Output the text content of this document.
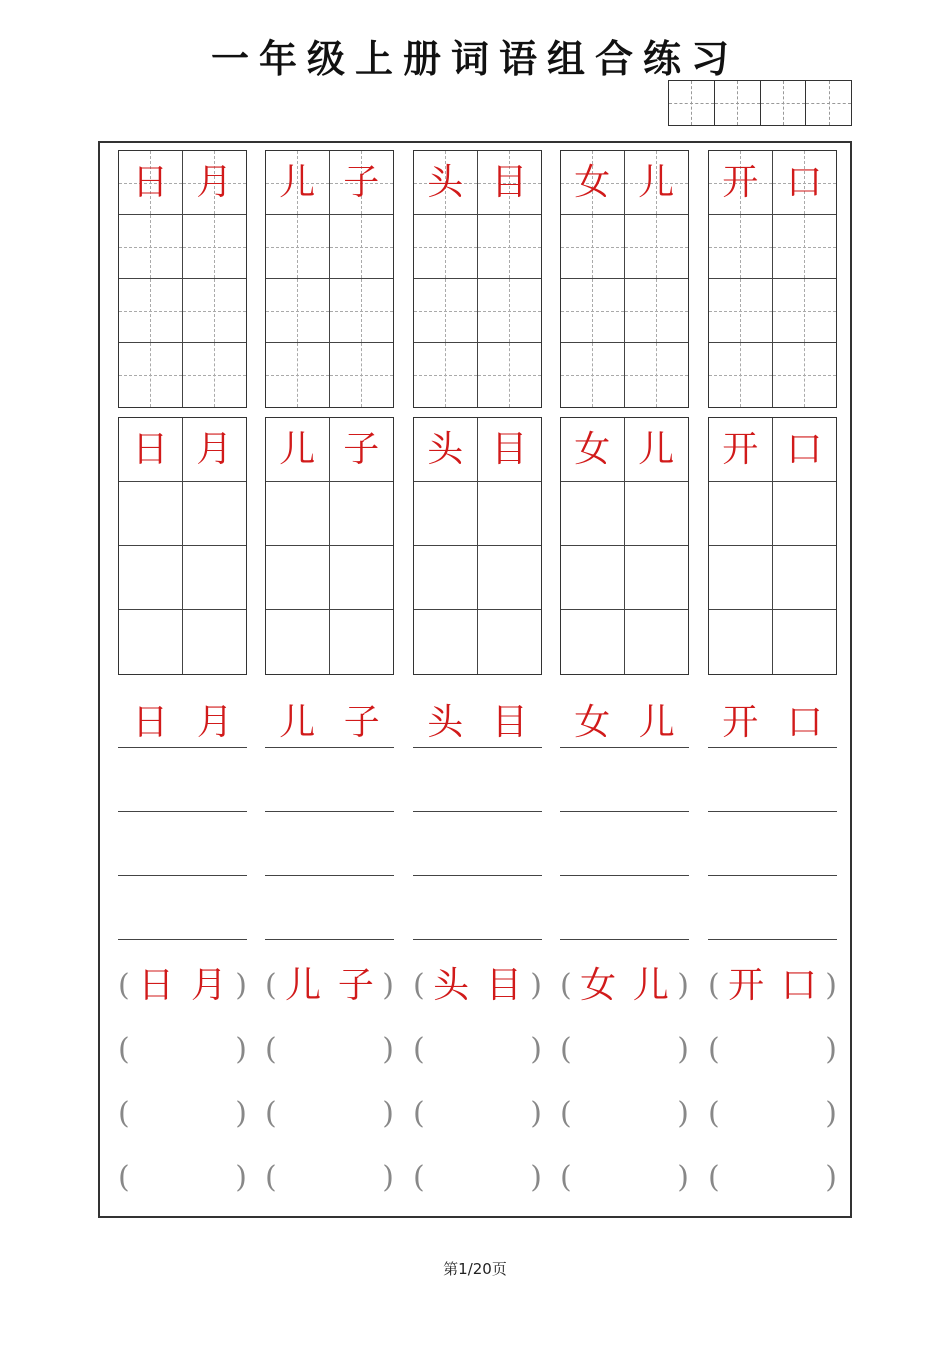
一年级上册词语组合练习
日 月 儿 子 头 目 女 儿 开 口
日 月 儿 子 头 目 女 儿 开 口
日 月 儿 子 头 目 女 儿 开 口
( 日 月 )
(	)
(	)
(	)
( 儿 子 )
(	)
(	)
(	)
( 头 目 )
(	)
(	)
(	)
( 女 儿 )
(	)
(	)
(	)
( 开 口 )
(	)
(	)
(	)
第1/20页
